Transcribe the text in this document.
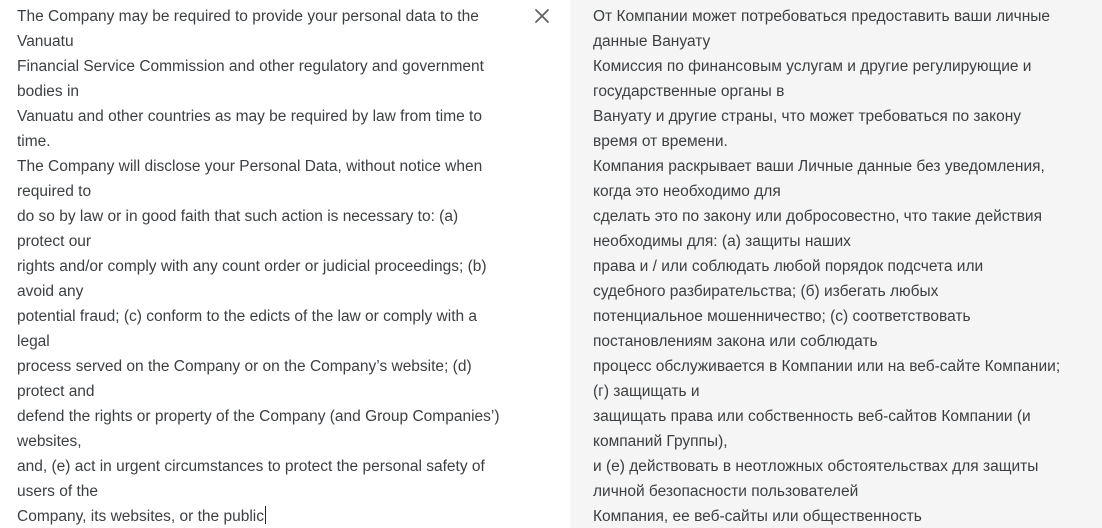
The Company may be required to provide your personal data to the
Vanuatu
Financial Service Commission and other regulatory and government
bodies in
Vanuatu and other countries as may be required by law from time to
time.
The Company will disclose your Personal Data, without notice when
required to
do so by law or in good faith that such action is necessary to: (a)
protect our
rights and/or comply with any count order or judicial proceedings; (b)
avoid any
potential fraud; (c) conform to the edicts of the law or comply with a
legal
process served on the Company or on the Company’s website; (d)
protect and
defend the rights or property of the Company (and Group Companies’)
websites,
and, (e) act in urgent circumstances to protect the personal safety of
users of the
Company, its websites, or the public
От Компании может потребоваться предоставить ваши личные
данные Вануату
Комиссия по финансовым услугам и другие регулирующие и
государственные органы в
Вануату и другие страны, что может требоваться по закону
время от времени.
Компания раскрывает ваши Личные данные без уведомления,
когда это необходимо для
сделать это по закону или добросовестно, что такие действия
необходимы для: (а) защиты наших
права и / или соблюдать любой порядок подсчета или
судебного разбирательства; (б) избегать любых
потенциальное мошенничество; (с) соответствовать
постановлениям закона или соблюдать
процесс обслуживается в Компании или на веб-сайте Компании;
(г) защищать и
защищать права или собственность веб-сайтов Компании (и
компаний Группы),
и (е) действовать в неотложных обстоятельствах для защиты
личной безопасности пользователей
Компания, ее веб-сайты или общественность
